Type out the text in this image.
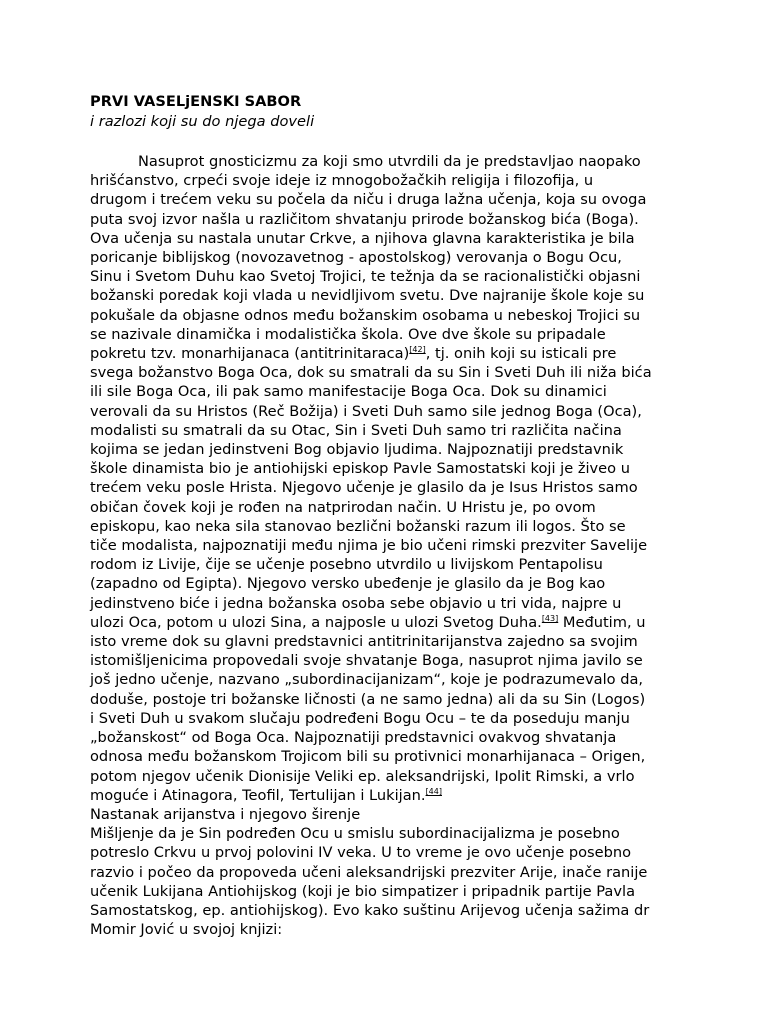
PRVI VASELjENSKI SABOR

i razlozi koji su do njega doveli

Nasuprot gnosticizmu za koji smo utvrdili da je predstavljao naopako
hrišćanstvo, crpeći svoje ideje iz mnogobožačkih religija i filozofija, u
drugom i trećem veku su počela da niču i druga lažna učenja, koja su ovoga
puta svoj izvor našla u različitom shvatanju prirode božanskog bića (Boga).
Ova učenja su nastala unutar Crkve, a njihova glavna karakteristika je bila
poricanje biblijskog (novozavetnog - apostolskog) verovanja o Bogu Ocu,
Sinu i Svetom Duhu kao Svetoj Trojici, te težnja da se racionalistički objasni
božanski poredak koji vlada u nevidljivom svetu. Dve najranije škole koje su
pokušale da objasne odnos među božanskim osobama u nebeskoj Trojici su
se nazivale dinamička i modalistička škola. Ove dve škole su pripadale
pokretu tzv. monarhijanaca (antitrinitaraca)[42], tj. onih koji su isticali pre
svega božanstvo Boga Oca, dok su smatrali da su Sin i Sveti Duh ili niža bića
ili sile Boga Oca, ili pak samo manifestacije Boga Oca. Dok su dinamici
verovali da su Hristos (Reč Božija) i Sveti Duh samo sile jednog Boga (Oca),
modalisti su smatrali da su Otac, Sin i Sveti Duh samo tri različita načina
kojima se jedan jedinstveni Bog objavio ljudima. Najpoznatiji predstavnik
škole dinamista bio je antiohijski episkop Pavle Samostatski koji je živeo u
trećem veku posle Hrista. Njegovo učenje je glasilo da je Isus Hristos samo
običan čovek koji je rođen na natprirodan način. U Hristu je, po ovom
episkopu, kao neka sila stanovao bezlični božanski razum ili logos. Što se
tiče modalista, najpoznatiji među njima je bio učeni rimski prezviter Savelije
rodom iz Livije, čije se učenje posebno utvrdilo u livijskom Pentapolisu
(zapadno od Egipta). Njegovo versko ubeđenje je glasilo da je Bog kao
jedinstveno biće i jedna božanska osoba sebe objavio u tri vida, najpre u
ulozi Oca, potom u ulozi Sina, a najposle u ulozi Svetog Duha.[43] Međutim, u
isto vreme dok su glavni predstavnici antitrinitarijanstva zajedno sa svojim
istomišljenicima propovedali svoje shvatanje Boga, nasuprot njima javilo se
još jedno učenje, nazvano „subordinacijanizam“, koje je podrazumevalo da,
doduše, postoje tri božanske ličnosti (a ne samo jedna) ali da su Sin (Logos)
i Sveti Duh u svakom slučaju podređeni Bogu Ocu – te da poseduju manju
„božanskost“ od Boga Oca. Najpoznatiji predstavnici ovakvog shvatanja
odnosa među božanskom Trojicom bili su protivnici monarhijanaca – Origen,
potom njegov učenik Dionisije Veliki ep. aleksandrijski, Ipolit Rimski, a vrlo
moguće i Atinagora, Teofil, Tertulijan i Lukijan.[44]
Nastanak arijanstva i njegovo širenje
Mišljenje da je Sin podređen Ocu u smislu subordinacijalizma je posebno
potreslo Crkvu u prvoj polovini IV veka. U to vreme je ovo učenje posebno
razvio i počeo da propoveda učeni aleksandrijski prezviter Arije, inače ranije
učenik Lukijana Antiohijskog (koji je bio simpatizer i pripadnik partije Pavla
Samostatskog, ep. antiohijskog). Evo kako suštinu Arijevog učenja sažima dr
Momir Jović u svojoj knjizi:
